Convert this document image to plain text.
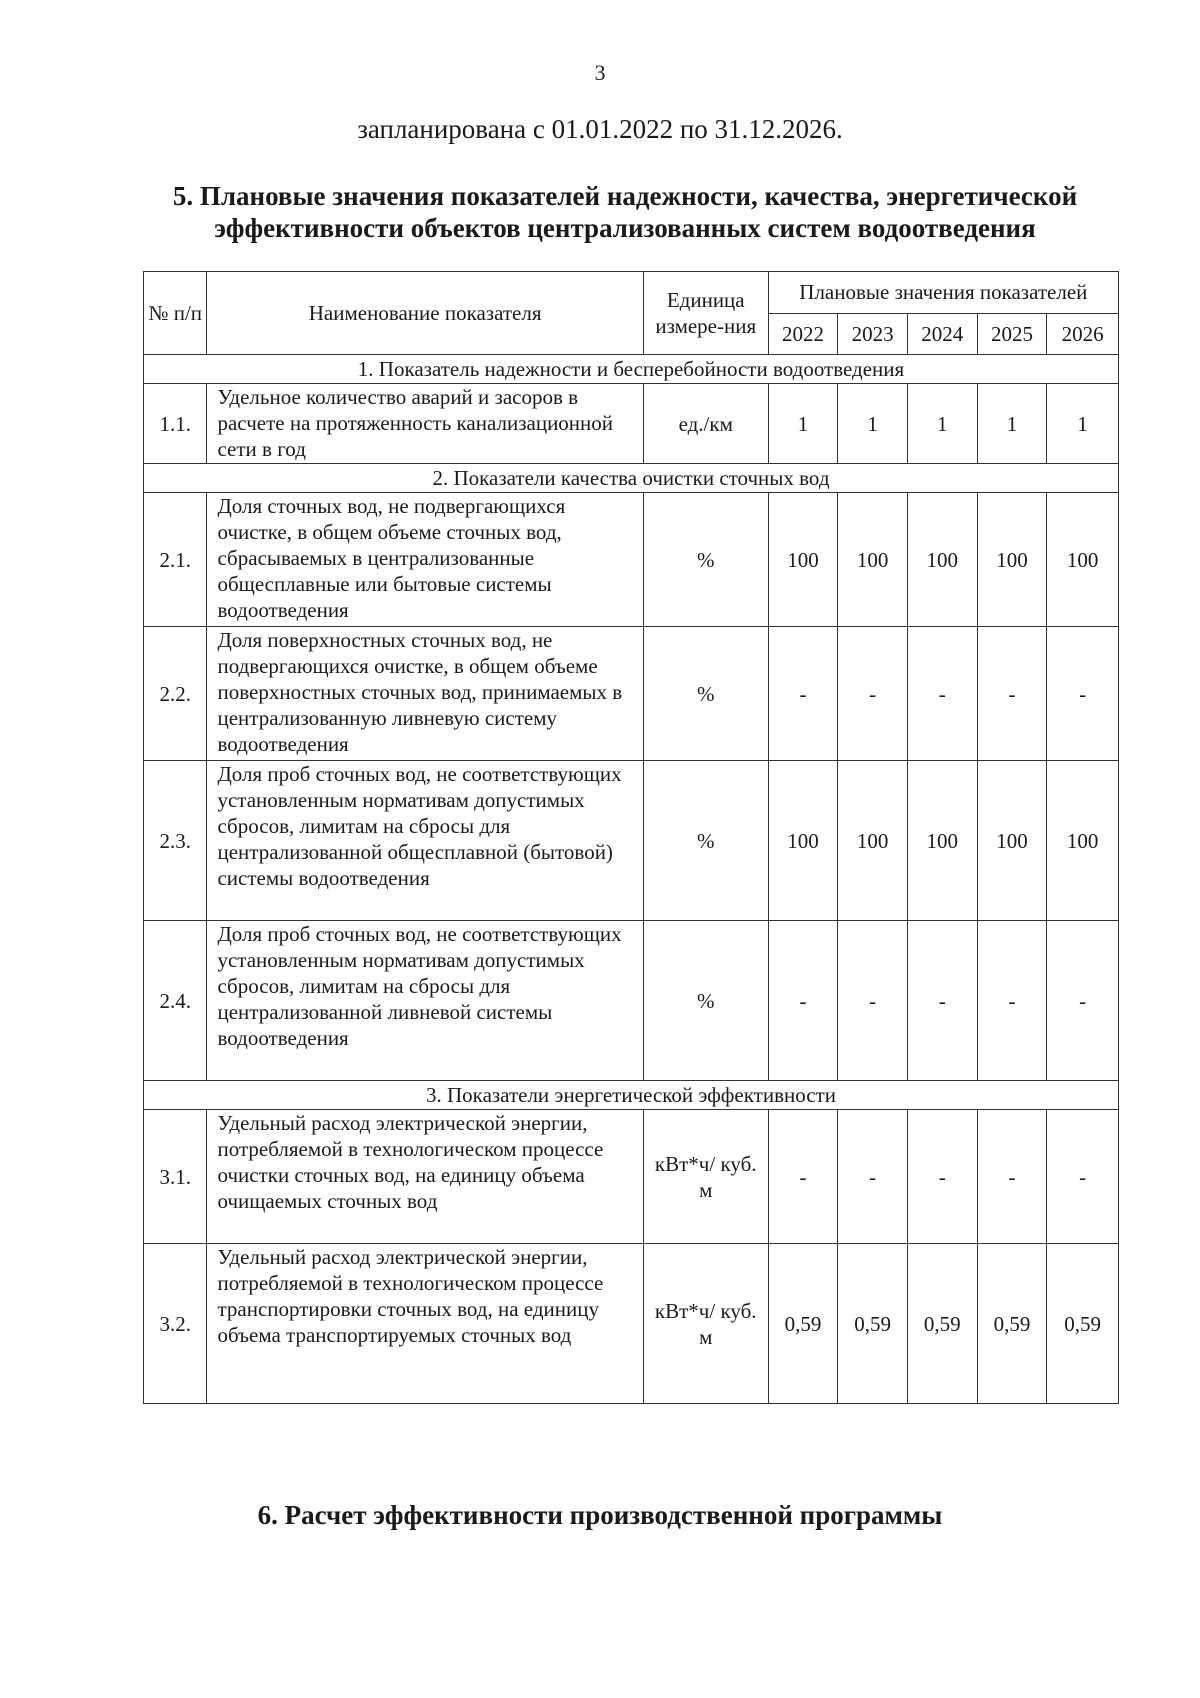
3
запланирована с 01.01.2022 по 31.12.2026.
5. Плановые значения показателей надежности, качества, энергетической эффективности объектов централизованных систем водоотведения
№ п/п	Наименование показателя	Единица измере-ния	Плановые значения показателей				
			2022	2023	2024	2025	2026
1. Показатель надежности и бесперебойности водоотведения							
1.1.	Удельное количество аварий и засоров в расчете на протяженность канализационной сети в год	ед./км	1	1	1	1	1
2. Показатели качества очистки сточных вод							
2.1.	Доля сточных вод, не подвергающихся очистке, в общем объеме сточных вод, сбрасываемых в централизованные общесплавные или бытовые системы водоотведения	%	100	100	100	100	100
2.2.	Доля поверхностных сточных вод, не подвергающихся очистке, в общем объеме поверхностных сточных вод, принимаемых в централизованную ливневую систему водоотведения	%	-	-	-	-	-
2.3.	Доля проб сточных вод, не соответствующих установленным нормативам допустимых сбросов, лимитам на сбросы для централизованной общесплавной (бытовой) системы водоотведения	%	100	100	100	100	100
2.4.	Доля проб сточных вод, не соответствующих установленным нормативам допустимых сбросов, лимитам на сбросы для централизованной ливневой системы водоотведения	%	-	-	-	-	-
3. Показатели энергетической эффективности							
3.1.	Удельный расход электрической энергии, потребляемой в технологическом процессе очистки сточных вод, на единицу объема очищаемых сточных вод	кВт*ч/ куб. м	-	-	-	-	-
3.2.	Удельный расход электрической энергии, потребляемой в технологическом процессе транспортировки сточных вод, на единицу объема транспортируемых сточных вод	кВт*ч/ куб. м	0,59	0,59	0,59	0,59	0,59
6. Расчет эффективности производственной программы
